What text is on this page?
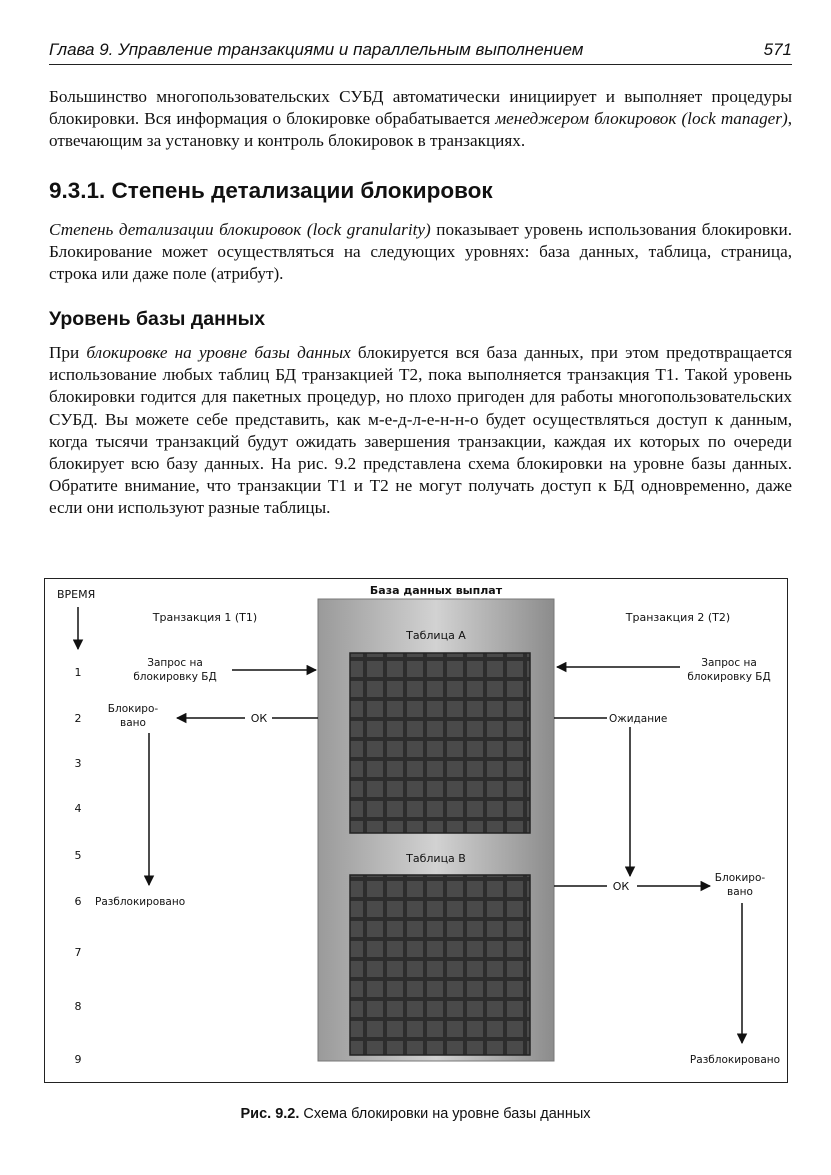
Глава 9. Управление транзакциями и параллельным выполнением	571

Большинство многопользовательских СУБД автоматически инициирует и выполняет процедуры блокировки. Вся информация о блокировке обрабатывается менеджером блокировок (lock manager), отвечающим за установку и контроль блокировок в транзакциях.

9.3.1. Степень детализации блокировок

Степень детализации блокировок (lock granularity) показывает уровень использования блокировки. Блокирование может осуществляться на следующих уровнях: база данных, таблица, страница, строка или даже поле (атрибут).

Уровень базы данных

При блокировке на уровне базы данных блокируется вся база данных, при этом предотвращается использование любых таблиц БД транзакцией Т2, пока выполняется транзакция Т1. Такой уровень блокировки годится для пакетных процедур, но плохо пригоден для работы многопользовательских СУБД. Вы можете себе представить, как м-е-д-л-е-н-н-о будет осуществляться доступ к данным, когда тысячи транзакций будут ожидать завершения транзакции, каждая их которых по очереди блокирует всю базу данных. На рис. 9.2 представлена схема блокировки на уровне базы данных. Обратите внимание, что транзакции Т1 и Т2 не могут получать доступ к БД одновременно, даже если они используют разные таблицы.

База данных выплат
Таблица А
Таблица В
ВРЕМЯ
1
2
3
4
5
6
7
8
9
Транзакция 1 (Т1)
Запрос на
блокировку БД
Блокиро-
вано	ОК
Разблокировано
Транзакция 2 (Т2)
Запрос на
блокировку БД
Ожидание
ОК
Блокиро-
вано
Разблокировано
Рис. 9.2. Схема блокировки на уровне базы данных
